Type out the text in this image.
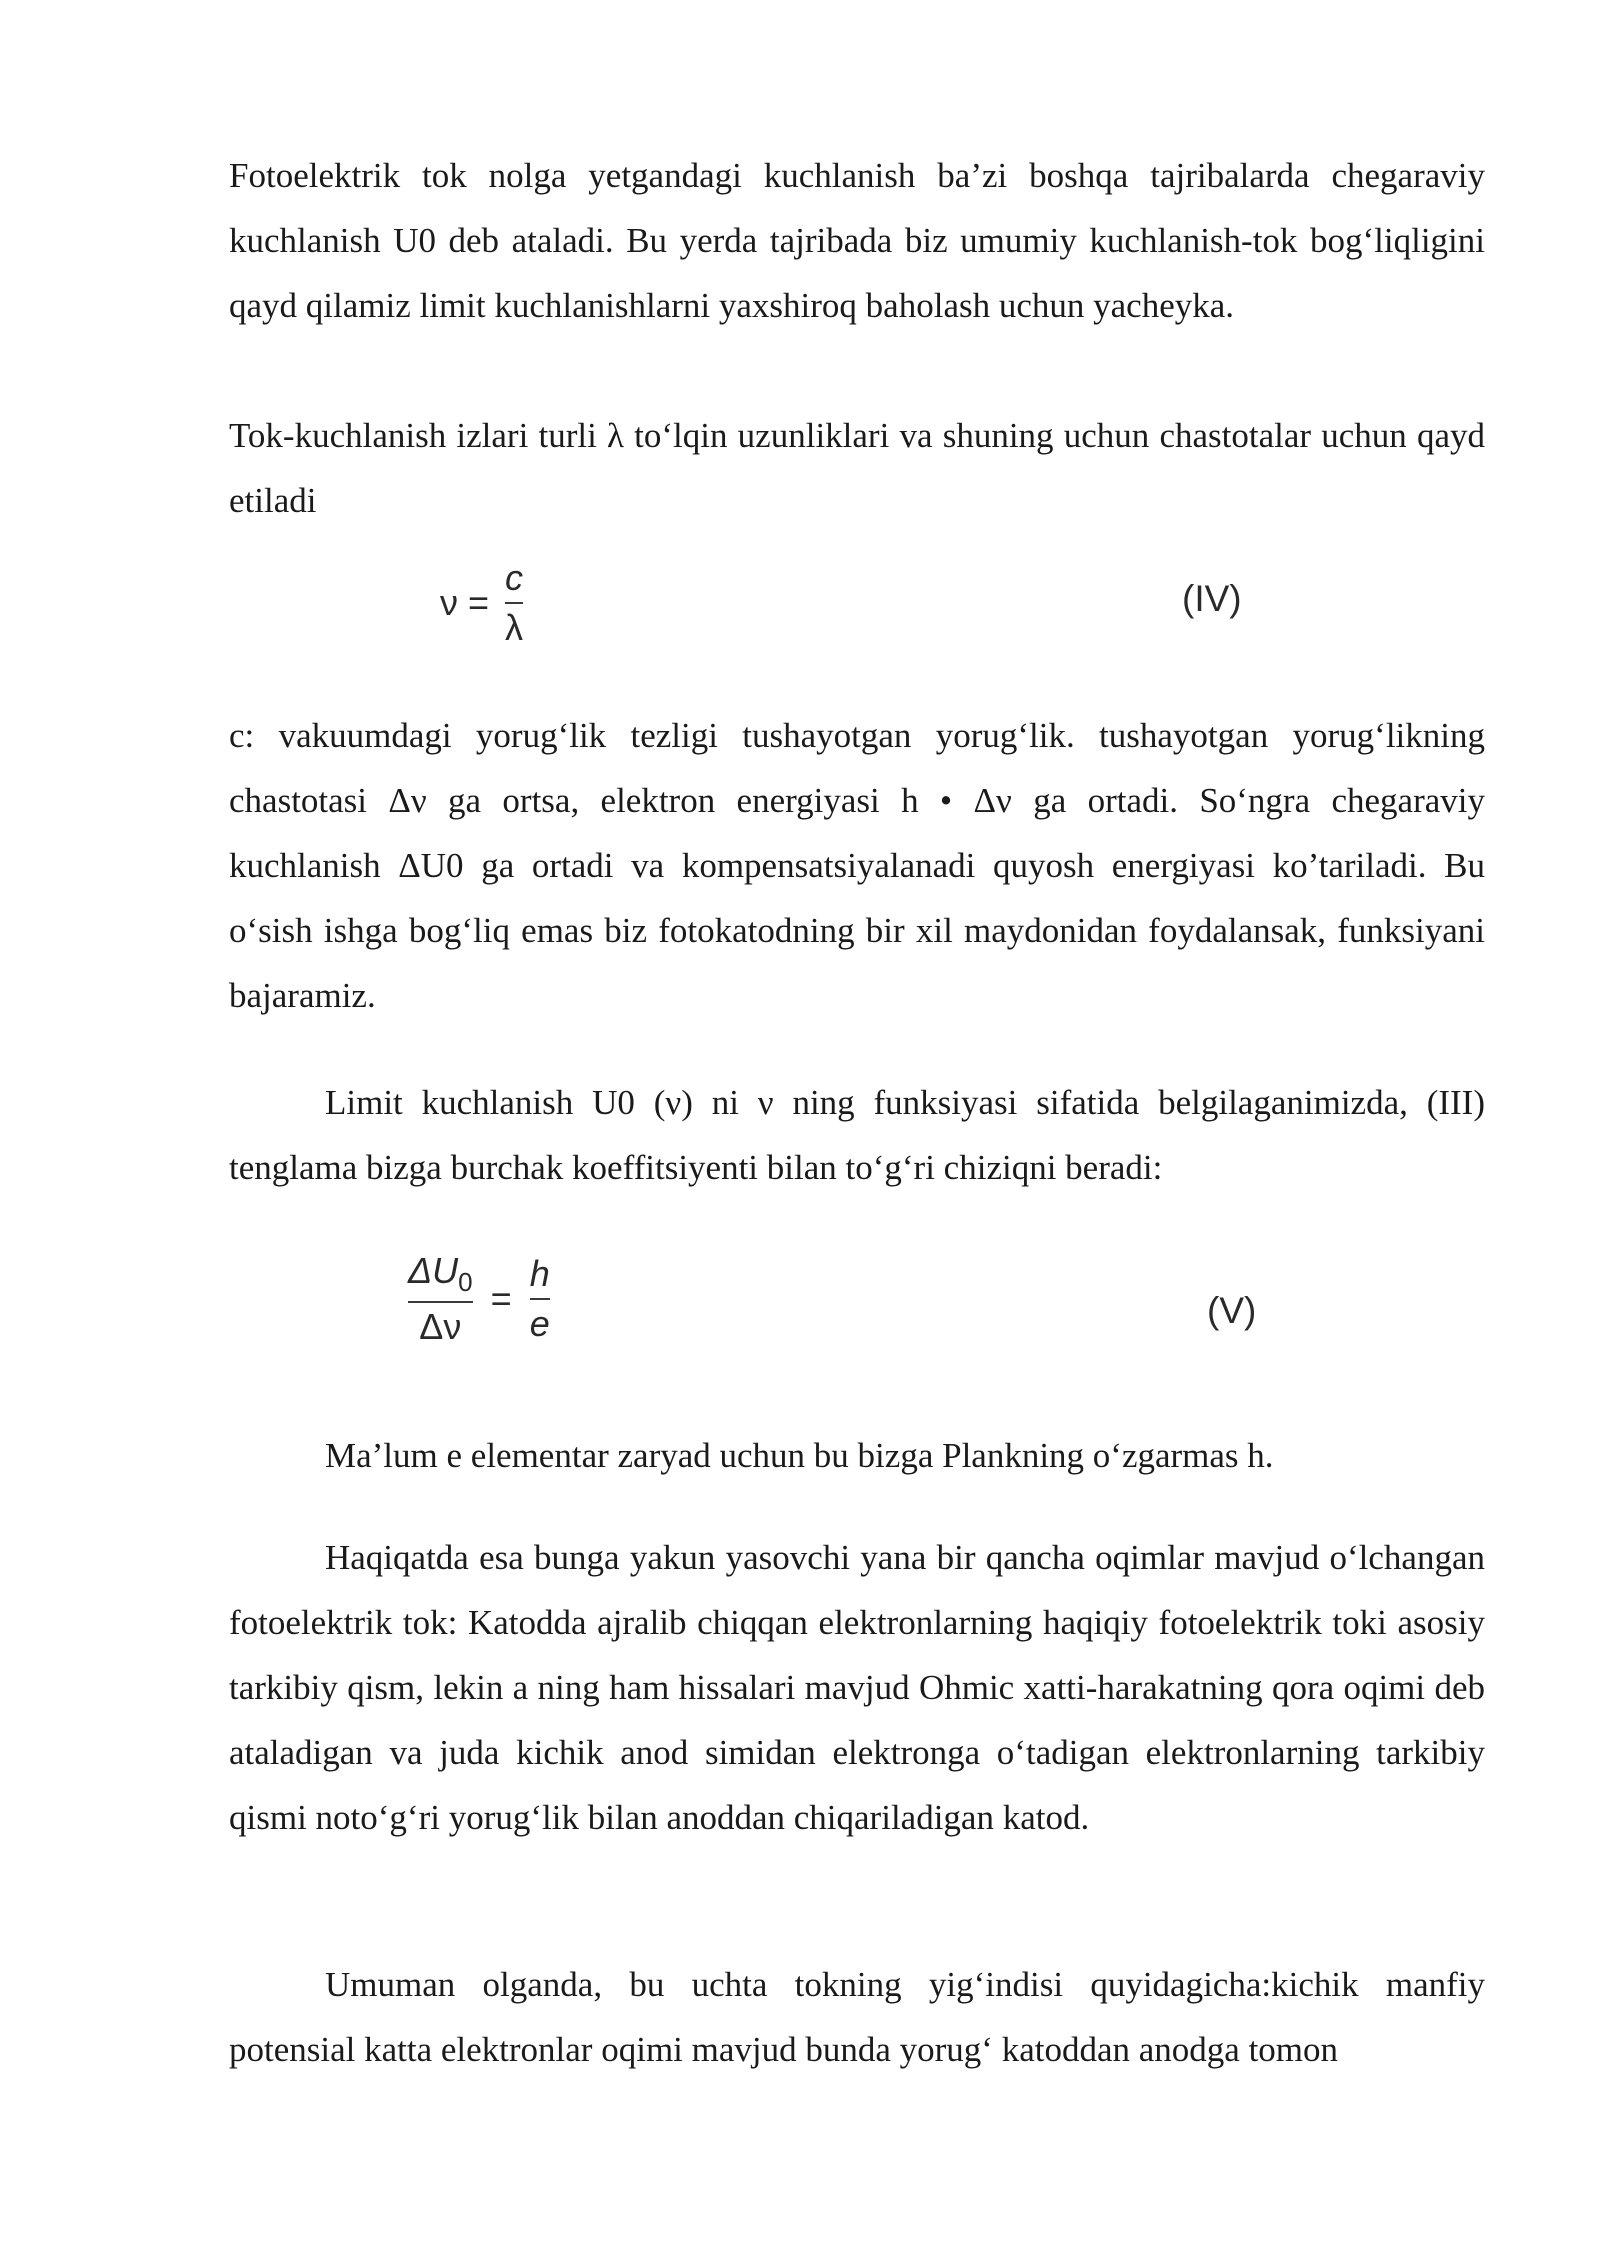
Fotoelektrik tok nolga yetgandagi kuchlanish ba’zi boshqa tajribalarda chegaraviy kuchlanish U0 deb ataladi. Bu yerda tajribada biz umumiy kuchlanish-tok bog‘liqligini qayd qilamiz limit kuchlanishlarni yaxshiroq baholash uchun yacheyka.

Tok-kuchlanish izlari turli λ to‘lqin uzunliklari va shuning uchun chastotalar uchun qayd etiladi

$\nu = \frac{c}{\lambda}$	(IV)

c: vakuumdagi yorug‘lik tezligi tushayotgan yorug‘lik. tushayotgan yorug‘likning chastotasi Δν ga ortsa, elektron energiyasi h • Δν ga ortadi. So‘ngra chegaraviy kuchlanish ΔU0 ga ortadi va kompensatsiyalanadi quyosh energiyasi ko’tariladi. Bu o‘sish ishga bog‘liq emas biz fotokatodning bir xil maydonidan foydalansak, funksiyani bajaramiz.

Limit kuchlanish U0 (ν) ni ν ning funksiyasi sifatida belgilaganimizda, (III) tenglama bizga burchak koeffitsiyenti bilan to‘g‘ri chiziqni beradi:

$\frac{\Delta U_0}{\Delta\nu} = \frac{h}{e}$	(V)

Ma’lum e elementar zaryad uchun bu bizga Plankning o‘zgarmas h.

Haqiqatda esa bunga yakun yasovchi yana bir qancha oqimlar mavjud o‘lchangan fotoelektrik tok: Katodda ajralib chiqqan elektronlarning haqiqiy fotoelektrik toki asosiy tarkibiy qism, lekin a ning ham hissalari mavjud Ohmic xatti-harakatning qora oqimi deb ataladigan va juda kichik anod simidan elektronga o‘tadigan elektronlarning tarkibiy qismi noto‘g‘ri yorug‘lik bilan anoddan chiqariladigan katod.

Umuman olganda, bu uchta tokning yig‘indisi quyidagicha:kichik manfiy potensial katta elektronlar oqimi mavjud bunda yorug‘ katoddan anodga tomon
